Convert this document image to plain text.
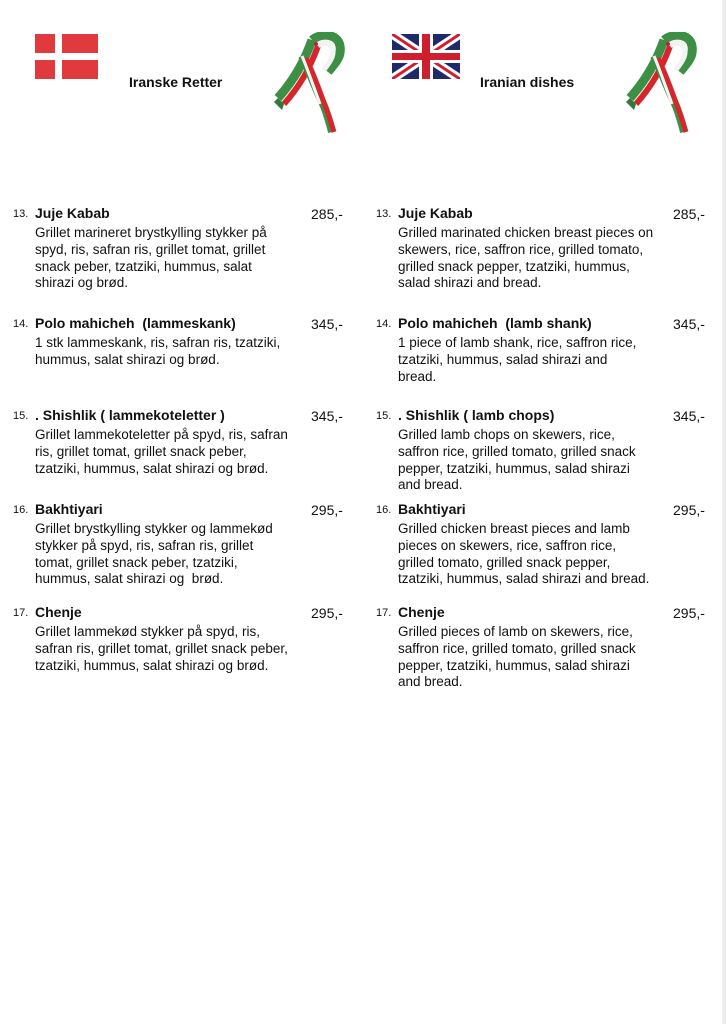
Iranske Retter	Iranian dishes
13. Juje Kabab	285,-
Grillet marineret brystkylling stykker på
spyd, ris, safran ris, grillet tomat, grillet
snack peber, tzatziki, hummus, salat
shirazi og brød.
14. Polo mahicheh  (lammeskank)	345,-
1 stk lammeskank, ris, safran ris, tzatziki,
hummus, salat shirazi og brød.
15. . Shishlik ( lammekoteletter )	345,-
Grillet lammekoteletter på spyd, ris, safran
ris, grillet tomat, grillet snack peber,
tzatziki, hummus, salat shirazi og brød.
16. Bakhtiyari	295,-
Grillet brystkylling stykker og lammekød
stykker på spyd, ris, safran ris, grillet
tomat, grillet snack peber, tzatziki,
hummus, salat shirazi og  brød.
17. Chenje	295,-
Grillet lammekød stykker på spyd, ris,
safran ris, grillet tomat, grillet snack peber,
tzatziki, hummus, salat shirazi og brød.
13. Juje Kabab	285,-
Grilled marinated chicken breast pieces on
skewers, rice, saffron rice, grilled tomato,
grilled snack pepper, tzatziki, hummus,
salad shirazi and bread.
14. Polo mahicheh  (lamb shank)	345,-
1 piece of lamb shank, rice, saffron rice,
tzatziki, hummus, salad shirazi and
bread.
15. . Shishlik ( lamb chops)	345,-
Grilled lamb chops on skewers, rice,
saffron rice, grilled tomato, grilled snack
pepper, tzatziki, hummus, salad shirazi
and bread.
16. Bakhtiyari	295,-
Grilled chicken breast pieces and lamb
pieces on skewers, rice, saffron rice,
grilled tomato, grilled snack pepper,
tzatziki, hummus, salad shirazi and bread.
17. Chenje	295,-
Grilled pieces of lamb on skewers, rice,
saffron rice, grilled tomato, grilled snack
pepper, tzatziki, hummus, salad shirazi
and bread.
